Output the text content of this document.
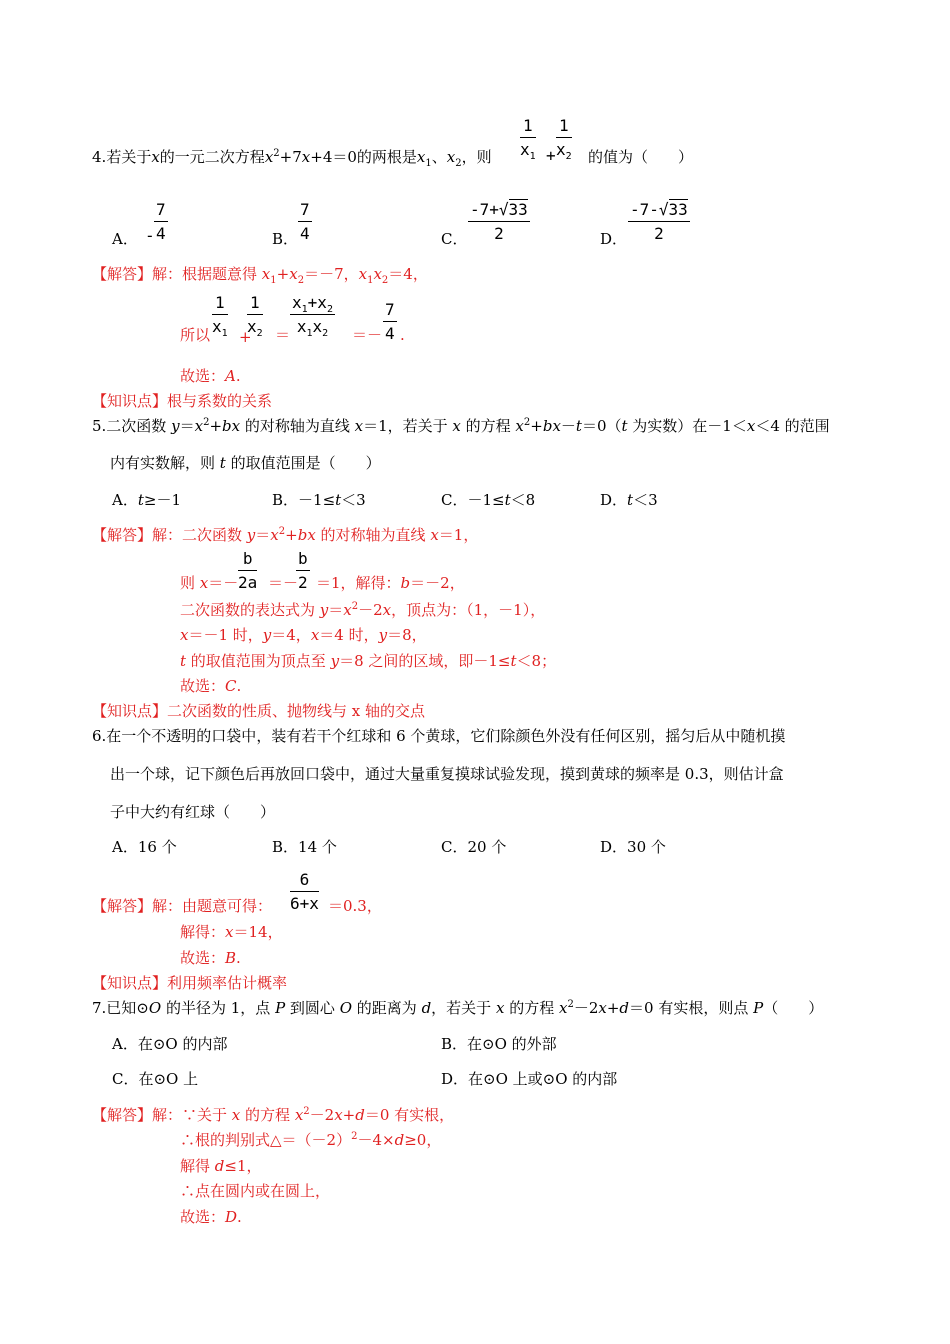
$\frac{1}{x_1} + \frac{1}{x_2}$
4.若关于x的一元二次方程$x^2+7x+4=0$的两根是$x_1$、$x_2$，则	的值为（　　）
A． - $\frac{7}{4}$	B． $\frac{7}{4}$	C． $\frac{-7+√33}{2}$	D． $\frac{-7-√33}{2}$
【解答】解：根据题意得 $x_1+x_2=-7$，$x_1x_2=4$，
$\frac{1}{x_1} \frac{1}{x_2} \frac{x_1+x_2}{x_1x_2}$	$\frac{7}{4}$
所以 + ＝	＝－ .
故选：A.
【知识点】根与系数的关系
5.二次函数 $y=x^2+bx$ 的对称轴为直线 x＝1，若关于 x 的方程 $x^2+bx-t=0(t$ 为实数）在－1＜x＜4 的范围
内有实数解，则 t 的取值范围是（　　）
A．t≥－1	B．－1≤t＜3	C．－1≤t＜8	D．t＜3
【解答】解：二次函数 $y=x^2+bx$ 的对称轴为直线 x＝1，
$\frac{b}{2a} \frac{b}{2}$
则 x＝－ ＝－ ＝1，解得：b＝－2，
二次函数的表达式为 $y=x^2-2x$，顶点为：（1，－1），
x＝－1 时，y＝4，x＝4 时，y＝8，
t 的取值范围为顶点至 y＝8 之间的区域，即－1≤t＜8；
故选：C.
【知识点】二次函数的性质、抛物线与 x 轴的交点
6.在一个不透明的口袋中，装有若干个红球和 6 个黄球，它们除颜色外没有任何区别，摇匀后从中随机摸
出一个球，记下颜色后再放回口袋中，通过大量重复摸球试验发现，摸到黄球的频率是 0.3，则估计盒
子中大约有红球（　　）
A．16 个	B．14 个	C．20 个	D．30 个
$\frac{6}{6+x}$
【解答】解：由题意可得：	＝0.3，
解得：x＝14，
故选：B.
【知识点】利用频率估计概率
7.已知⊙O 的半径为 1，点 P 到圆心 O 的距离为 d，若关于 x 的方程 $x^2-2x+d=0$ 有实根，则点 P（　　）
A．在⊙O 的内部	B．在⊙O 的外部
C．在⊙O 上	D．在⊙O 上或⊙O 的内部
【解答】解：∵关于 x 的方程 $x^2-2x+d=0$ 有实根，
∴根的判别式$\triangle=(-2)^2-4\times d\ge 0$，
解得 d≤1，
∴点在圆内或在圆上，
故选：D.
